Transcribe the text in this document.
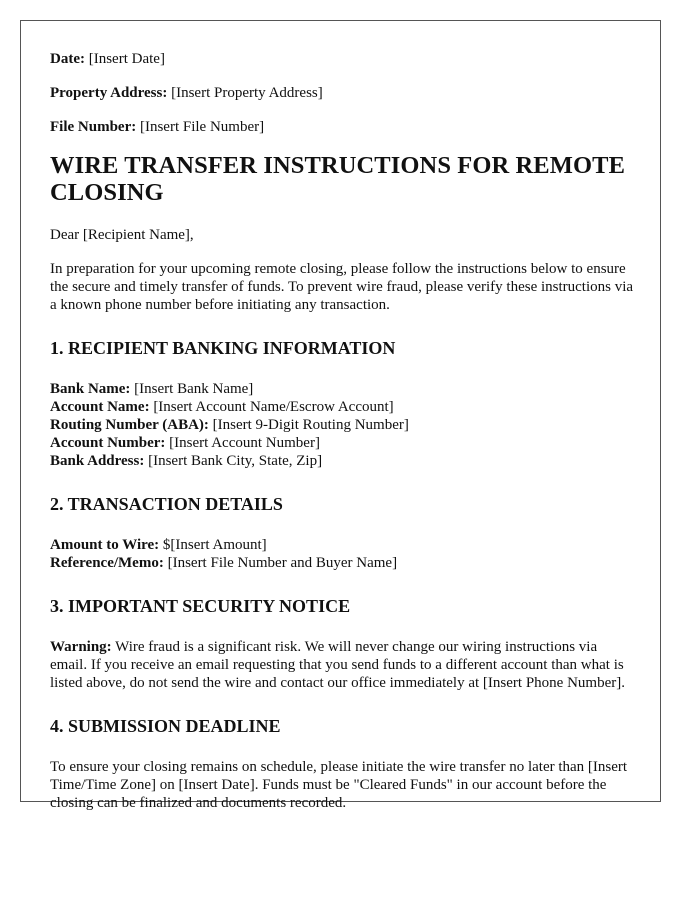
Date: [Insert Date]

Property Address: [Insert Property Address]

File Number: [Insert File Number]

WIRE TRANSFER INSTRUCTIONS FOR REMOTE CLOSING

Dear [Recipient Name],

In preparation for your upcoming remote closing, please follow the instructions below to ensure the secure and timely transfer of funds. To prevent wire fraud, please verify these instructions via a known phone number before initiating any transaction.

1. RECIPIENT BANKING INFORMATION

Bank Name: [Insert Bank Name]

Account Name: [Insert Account Name/Escrow Account]

Routing Number (ABA): [Insert 9-Digit Routing Number]

Account Number: [Insert Account Number]

Bank Address: [Insert Bank City, State, Zip]

2. TRANSACTION DETAILS

Amount to Wire: $[Insert Amount]

Reference/Memo: [Insert File Number and Buyer Name]

3. IMPORTANT SECURITY NOTICE

Warning: Wire fraud is a significant risk. We will never change our wiring instructions via email. If you receive an email requesting that you send funds to a different account than what is listed above, do not send the wire and contact our office immediately at [Insert Phone Number].

4. SUBMISSION DEADLINE

To ensure your closing remains on schedule, please initiate the wire transfer no later than [Insert Time/Time Zone] on [Insert Date]. Funds must be "Cleared Funds" in our account before the closing can be finalized and documents recorded.
